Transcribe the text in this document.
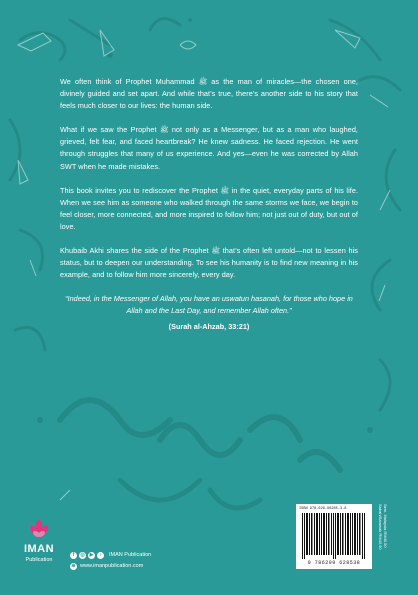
We often think of Prophet Muhammad ﷺ as the man of miracles—the chosen one, divinely guided and set apart. And while that’s true, there’s another side to his story that feels much closer to our lives: the human side.

What if we saw the Prophet ﷺ not only as a Messenger, but as a man who laughed, grieved, felt fear, and faced heartbreak? He knew sadness. He faced rejection. He went through struggles that many of us experience. And yes—even he was corrected by Allah SWT when he made mistakes.

This book invites you to rediscover the Prophet ﷺ in the quiet, everyday parts of his life. When we see him as someone who walked through the same storms we face, we begin to feel closer, more connected, and more inspired to follow him; not just out of duty, but out of love.

Khubaib Akhi shares the side of the Prophet ﷺ that’s often left untold—not to lessen his status, but to deepen our understanding. To see his humanity is to find new meaning in his example, and to follow him more sincerely, every day.

“Indeed, in the Messenger of Allah, you have an uswatun hasanah, for those who hope in Allah and the Last Day, and remember Allah often.”

(Surah al-Ahzab, 33:21)

IMAN
Publication
f	◎ ▶	♪	IMAN Publication
⊕ www.imanpublication.com
ISBN 978-629-96285-3-8
9 786299 628538
Sem. Malaysia RM40.90
Sabah/Sarawak RM43.90
